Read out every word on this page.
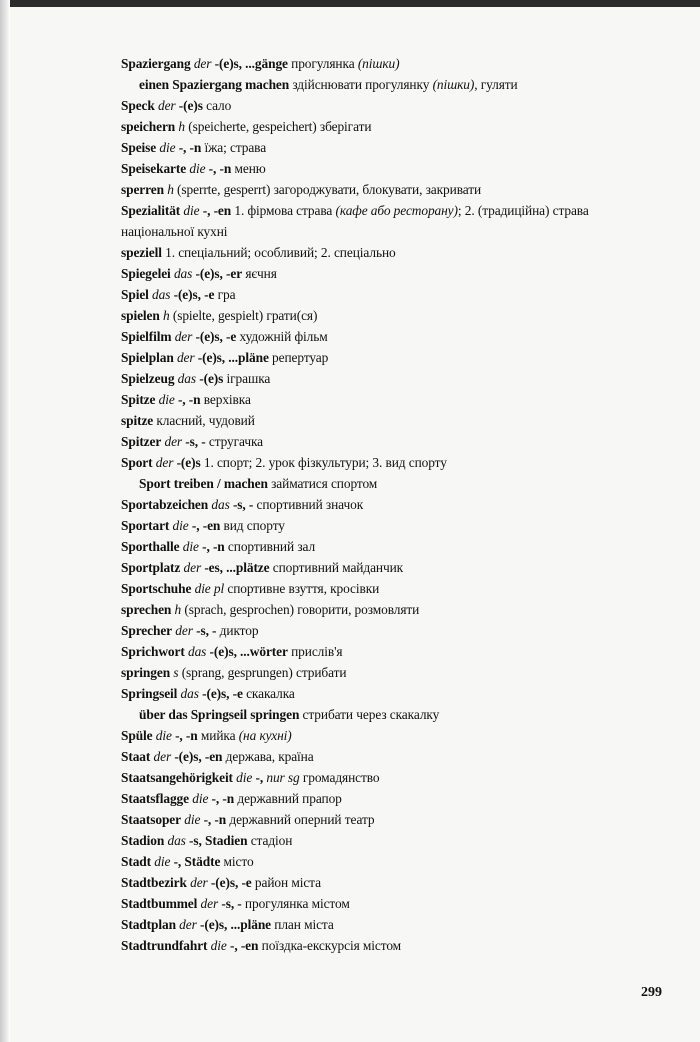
Spaziergang der -(e)s, ...gänge прогулянка (пішки)
einen Spaziergang machen здійснювати прогулянку (пішки), гуляти
Speck der -(e)s сало
speichern h (speicherte, gespeichert) зберігати
Speise die -, -n їжа; страва
Speisekarte die -, -n меню
sperren h (sperrte, gesperrt) загороджувати, блокувати, закривати
Spezialität die -, -en 1. фірмова страва (кафе або ресторану); 2. (традиційна) страва національної кухні
speziell 1. спеціальний; особливий; 2. спеціально
Spiegelei das -(e)s, -er яєчня
Spiel das -(e)s, -e гра
spielen h (spielte, gespielt) грати(ся)
Spielfilm der -(e)s, -e художній фільм
Spielplan der -(e)s, ...pläne репертуар
Spielzeug das -(e)s іграшка
Spitze die -, -n верхівка
spitze класний, чудовий
Spitzer der -s, - стругачка
Sport der -(e)s 1. спорт; 2. урок фізкультури; 3. вид спорту
Sport treiben / machen займатися спортом
Sportabzeichen das -s, - спортивний значок
Sportart die -, -en вид спорту
Sporthalle die -, -n спортивний зал
Sportplatz der -es, ...plätze спортивний майданчик
Sportschuhe die pl спортивне взуття, кросівки
sprechen h (sprach, gesprochen) говорити, розмовляти
Sprecher der -s, - диктор
Sprichwort das -(e)s, ...wörter прислів'я
springen s (sprang, gesprungen) стрибати
Springseil das -(e)s, -e скакалка
über das Springseil springen стрибати через скакалку
Spüle die -, -n мийка (на кухні)
Staat der -(e)s, -en держава, країна
Staatsangehörigkeit die -, nur sg громадянство
Staatsflagge die -, -n державний прапор
Staatsoper die -, -n державний оперний театр
Stadion das -s, Stadien стадіон
Stadt die -, Städte місто
Stadtbezirk der -(e)s, -e район міста
Stadtbummel der -s, - прогулянка містом
Stadtplan der -(e)s, ...pläne план міста
Stadtrundfahrt die -, -en поїздка-екскурсія містом
299
